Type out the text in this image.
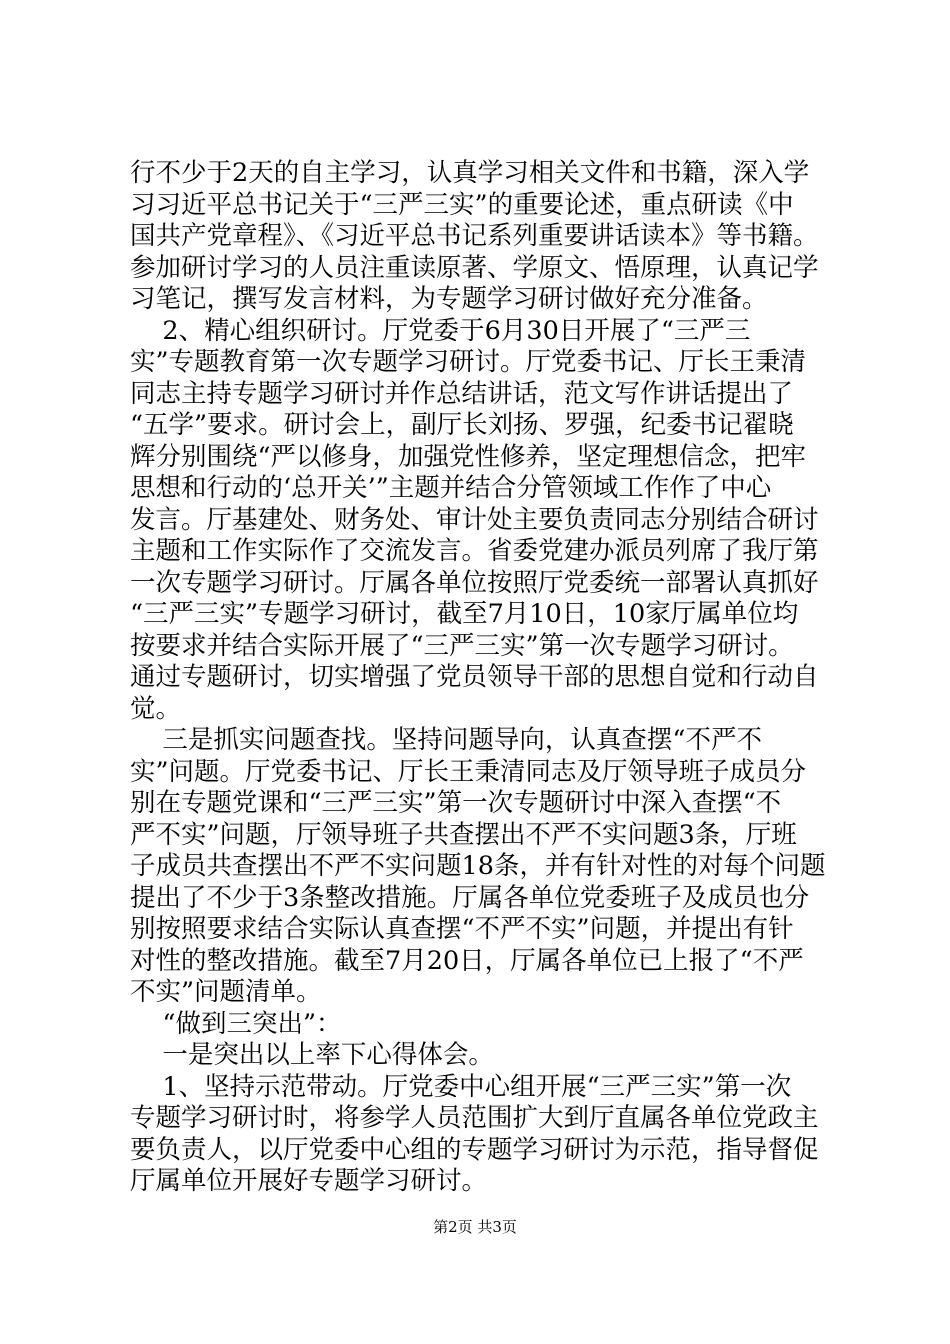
行不少于2天的自主学习，认真学习相关文件和书籍，深入学
习习近平总书记关于“三严三实”的重要论述，重点研读《中
国共产党章程》、《习近平总书记系列重要讲话读本》等书籍。
参加研讨学习的人员注重读原著、学原文、悟原理，认真记学
习笔记，撰写发言材料，为专题学习研讨做好充分准备。
2、精心组织研讨。厅党委于6月30日开展了“三严三
实”专题教育第一次专题学习研讨。厅党委书记、厅长王秉清
同志主持专题学习研讨并作总结讲话，范文写作讲话提出了
“五学”要求。研讨会上，副厅长刘扬、罗强，纪委书记翟晓
辉分别围绕“严以修身，加强党性修养，坚定理想信念，把牢
思想和行动的‘总开关’”主题并结合分管领域工作作了中心
发言。厅基建处、财务处、审计处主要负责同志分别结合研讨
主题和工作实际作了交流发言。省委党建办派员列席了我厅第
一次专题学习研讨。厅属各单位按照厅党委统一部署认真抓好
“三严三实”专题学习研讨，截至7月10日，10家厅属单位均
按要求并结合实际开展了“三严三实”第一次专题学习研讨。
通过专题研讨，切实增强了党员领导干部的思想自觉和行动自
觉。
三是抓实问题查找。坚持问题导向，认真查摆“不严不
实”问题。厅党委书记、厅长王秉清同志及厅领导班子成员分
别在专题党课和“三严三实”第一次专题研讨中深入查摆“不
严不实”问题，厅领导班子共查摆出不严不实问题3条，厅班
子成员共查摆出不严不实问题18条，并有针对性的对每个问题
提出了不少于3条整改措施。厅属各单位党委班子及成员也分
别按照要求结合实际认真查摆“不严不实”问题，并提出有针
对性的整改措施。截至7月20日，厅属各单位已上报了“不严
不实”问题清单。
“做到三突出”：
一是突出以上率下心得体会。
1、坚持示范带动。厅党委中心组开展“三严三实”第一次
专题学习研讨时，将参学人员范围扩大到厅直属各单位党政主
要负责人，以厅党委中心组的专题学习研讨为示范，指导督促
厅属单位开展好专题学习研讨。
第2页 共3页
